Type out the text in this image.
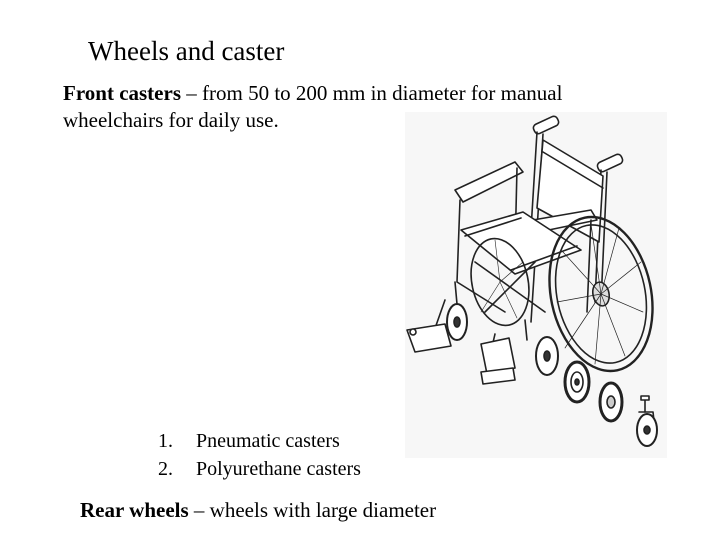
Wheels and caster
Front casters – from 50 to 200 mm in diameter for manual wheelchairs for daily use.
1.	Pneumatic casters
2.	Polyurethane casters
Rear wheels – wheels with large diameter
